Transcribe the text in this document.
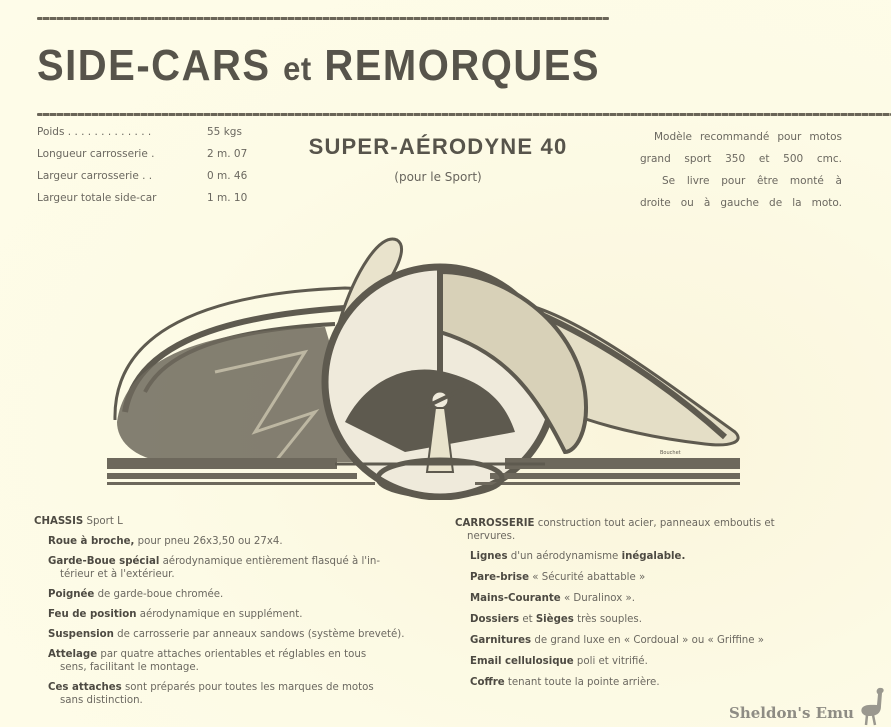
SIDE-CARS et REMORQUES
Poids . . . . . . . . . . . . .	55 kgs
Longueur carrosserie .	2 m. 07
Largeur carrosserie . .	0 m. 46
Largeur totale side-car	1 m. 10
SUPER-AÉRODYNE 40
(pour le Sport)
Modèle recommandé pour motos
grand sport 350 et 500 cmc.
Se livre pour être monté à
droite ou à gauche de la moto.
Bouchet
CHASSIS Sport L
Roue à broche, pour pneu 26x3,50 ou 27x4.
Garde-Boue spécial aérodynamique entièrement flasqué à l'in-
térieur et à l'extérieur.
Poignée de garde-boue chromée.
Feu de position aérodynamique en supplément.
Suspension de carrosserie par anneaux sandows (système breveté).
Attelage par quatre attaches orientables et réglables en tous
sens, facilitant le montage.
Ces attaches sont préparés pour toutes les marques de motos
sans distinction.
CARROSSERIE construction tout acier, panneaux emboutis et
nervures.
Lignes d'un aérodynamisme inégalable.
Pare-brise « Sécurité abattable »
Mains-Courante « Duralinox ».
Dossiers et Sièges très souples.
Garnitures de grand luxe en « Cordoual » ou « Griffine »
Email cellulosique poli et vitrifié.
Coffre tenant toute la pointe arrière.
Sheldon's Emu
